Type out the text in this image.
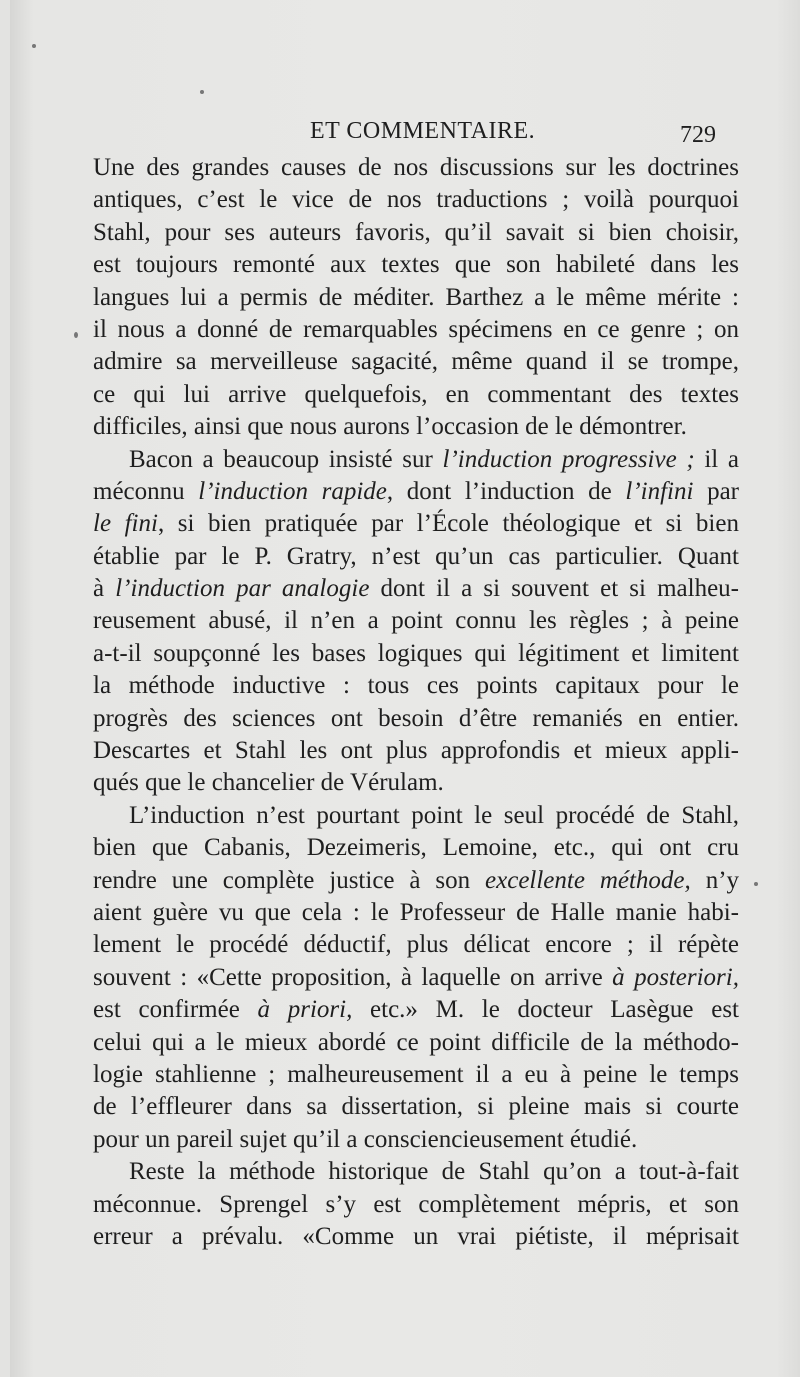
ET COMMENTAIRE.	729
Une des grandes causes de nos discussions sur les doctrines
antiques, c’est le vice de nos traductions ; voilà pourquoi
Stahl, pour ses auteurs favoris, qu’il savait si bien choisir,
est toujours remonté aux textes que son habileté dans les
langues lui a permis de méditer. Barthez a le même mérite :
il nous a donné de remarquables spécimens en ce genre ; on
admire sa merveilleuse sagacité, même quand il se trompe,
ce qui lui arrive quelquefois, en commentant des textes
difficiles, ainsi que nous aurons l’occasion de le démontrer.
Bacon a beaucoup insisté sur l’induction progressive ; il a
méconnu l’induction rapide, dont l’induction de l’infini par
le fini, si bien pratiquée par l’École théologique et si bien
établie par le P. Gratry, n’est qu’un cas particulier. Quant
à l’induction par analogie dont il a si souvent et si malheu-
reusement abusé, il n’en a point connu les règles ; à peine
a-t-il soupçonné les bases logiques qui légitiment et limitent
la méthode inductive : tous ces points capitaux pour le
progrès des sciences ont besoin d’être remaniés en entier.
Descartes et Stahl les ont plus approfondis et mieux appli-
qués que le chancelier de Vérulam.
L’induction n’est pourtant point le seul procédé de Stahl,
bien que Cabanis, Dezeimeris, Lemoine, etc., qui ont cru
rendre une complète justice à son excellente méthode, n’y
aient guère vu que cela : le Professeur de Halle manie habi-
lement le procédé déductif, plus délicat encore ; il répète
souvent : «Cette proposition, à laquelle on arrive à posteriori,
est confirmée à priori, etc.» M. le docteur Lasègue est
celui qui a le mieux abordé ce point difficile de la méthodo-
logie stahlienne ; malheureusement il a eu à peine le temps
de l’effleurer dans sa dissertation, si pleine mais si courte
pour un pareil sujet qu’il a consciencieusement étudié.
Reste la méthode historique de Stahl qu’on a tout-à-fait
méconnue. Sprengel s’y est complètement mépris, et son
erreur a prévalu. «Comme un vrai piétiste, il méprisait
